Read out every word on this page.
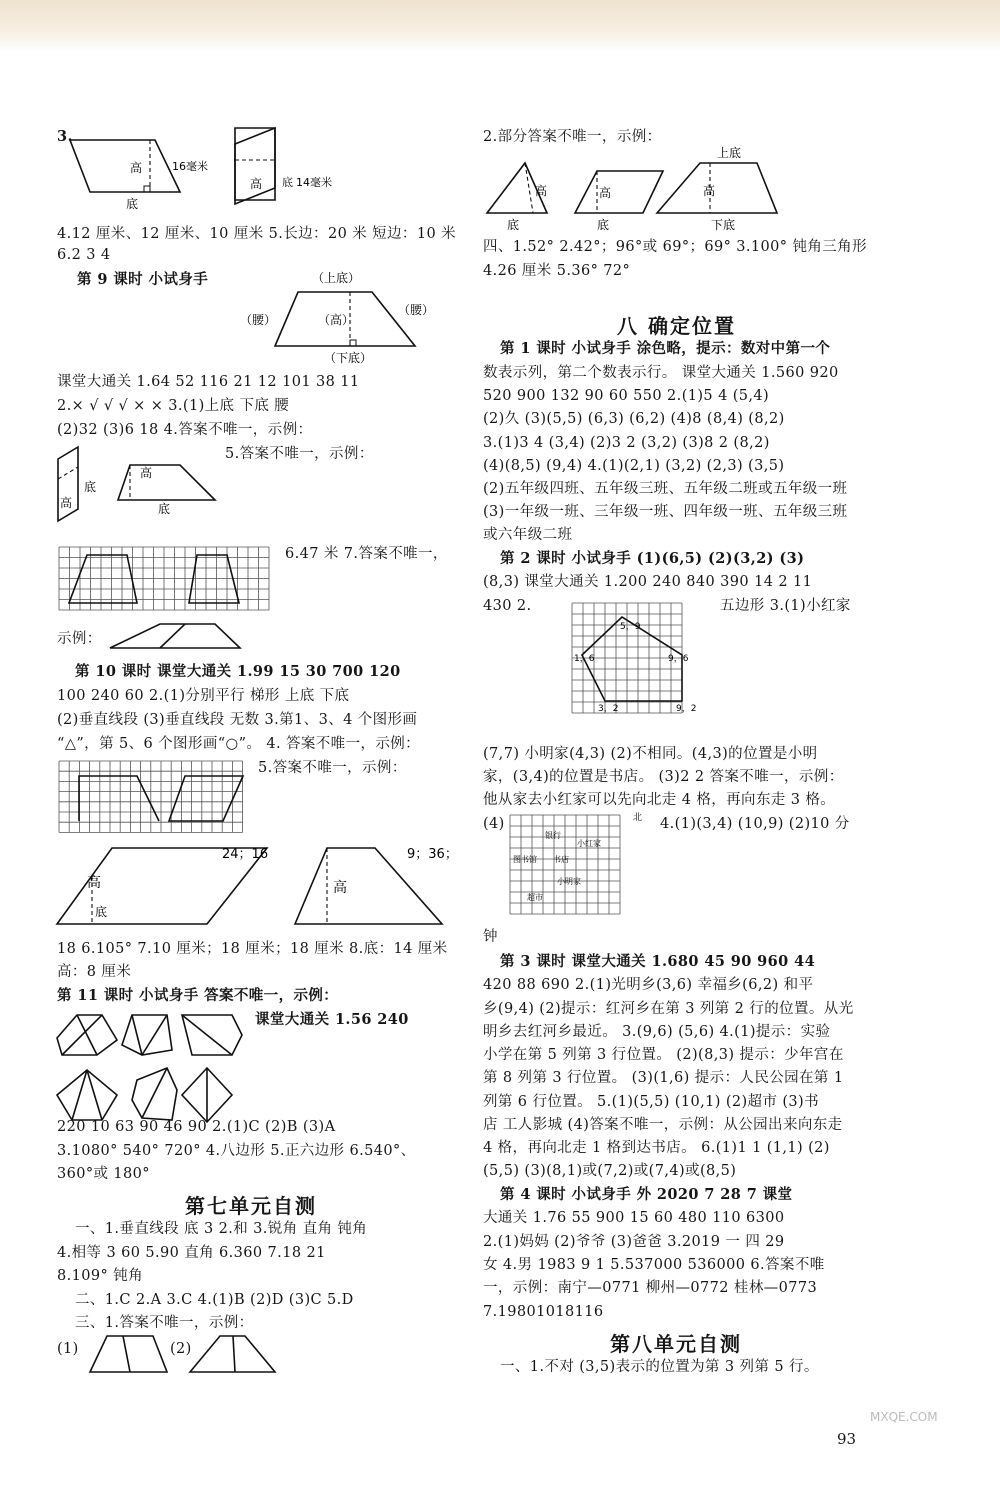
3.
高	16毫米
底
高 底 14毫米
4.12 厘米、12 厘米、10 厘米 5.长边：20 米 短边：10 米
6.2 3 4
第 9 课时 小试身手	（上底）
（腰）	（高）
（腰）
（下底）
课堂大通关 1.64 52 116 21 12 101 38 11
2.× √ √ √ × × 3.(1)上底 下底 腰
(2)32 (3)6 18 4.答案不唯一，示例：
5.答案不唯一，示例：
底
高
高
底
6.47 米 7.答案不唯一，
示例：
第 10 课时 课堂大通关 1.99 15 30 700 120
100 240 60 2.(1)分别平行 梯形 上底 下底
(2)垂直线段 (3)垂直线段 无数 3.第1、3、4 个图形画
“△”，第 5、6 个图形画“○”。 4. 答案不唯一，示例：
5.答案不唯一，示例：
高
底
24；16
高
9；36；
18 6.105° 7.10 厘米；18 厘米；18 厘米 8.底：14 厘米
高：8 厘米
第 11 课时 小试身手 答案不唯一，示例：
课堂大通关 1.56 240
220 10 63 90 46 90 2.(1)C (2)B (3)A
3.1080° 540° 720° 4.八边形 5.正六边形 6.540°、
360°或 180°
第七单元自测
一、1.垂直线段 底 3 2.和 3.锐角 直角 钝角
4.相等 3 60 5.90 直角 6.360 7.18 21
8.109° 钝角
二、1.C 2.A 3.C 4.(1)B (2)D (3)C 5.D
三、1.答案不唯一，示例：
(1)	(2)
2.部分答案不唯一，示例：
高
底
高
底
上底
高
下底
四、1.52° 2.42°；96°或 69°；69° 3.100° 钝角三角形
4.26 厘米 5.36° 72°
八 确定位置
第 1 课时 小试身手 涂色略，提示：数对中第一个
数表示列，第二个数表示行。 课堂大通关 1.560 920
520 900 132 90 60 550 2.(1)5 4 (5,4)
(2)久 (3)(5,5) (6,3) (6,2) (4)8 (8,4) (8,2)
3.(1)3 4 (3,4) (2)3 2 (3,2) (3)8 2 (8,2)
(4)(8,5) (9,4) 4.(1)(2,1) (3,2) (2,3) (3,5)
(2)五年级四班、五年级三班、五年级二班或五年级一班
(3)一年级一班、三年级一班、四年级一班、五年级三班
或六年级二班
第 2 课时 小试身手 (1)(6,5) (2)(3,2) (3)
(8,3) 课堂大通关 1.200 240 840 390 14 2 11
430 2.	五边形 3.(1)小红家
5，9
1，6	9，6
3，2	9，2
(7,7) 小明家(4,3) (2)不相同。(4,3)的位置是小明
家，(3,4)的位置是书店。 (3)2 2 答案不唯一，示例：
他从家去小红家可以先向北走 4 格，再向东走 3 格。
(4)	北
银行
小红家
图书馆 书店
小明家
超市
4.(1)(3,4) (10,9) (2)10 分
钟
第 3 课时 课堂大通关 1.680 45 90 960 44
420 88 690 2.(1)光明乡(3,6) 幸福乡(6,2) 和平
乡(9,4) (2)提示：红河乡在第 3 列第 2 行的位置。从光
明乡去红河乡最近。 3.(9,6) (5,6) 4.(1)提示：实验
小学在第 5 列第 3 行位置。 (2)(8,3) 提示：少年宫在
第 8 列第 3 行位置。 (3)(1,6) 提示：人民公园在第 1
列第 6 行位置。 5.(1)(5,5) (10,1) (2)超市 (3)书
店 工人影城 (4)答案不唯一，示例：从公园出来向东走
4 格，再向北走 1 格到达书店。 6.(1)1 1 (1,1) (2)
(5,5) (3)(8,1)或(7,2)或(7,4)或(8,5)
第 4 课时 小试身手 外 2020 7 28 7 课堂
大通关 1.76 55 900 15 60 480 110 6300
2.(1)妈妈 (2)爷爷 (3)爸爸 3.2019 一 四 29
女 4.男 1983 9 1 5.537000 536000 6.答案不唯
一，示例：南宁—0771 柳州—0772 桂林—0773
7.19801018116
第八单元自测
一、1.不对 (3,5)表示的位置为第 3 列第 5 行。
93
MXQE.COM
